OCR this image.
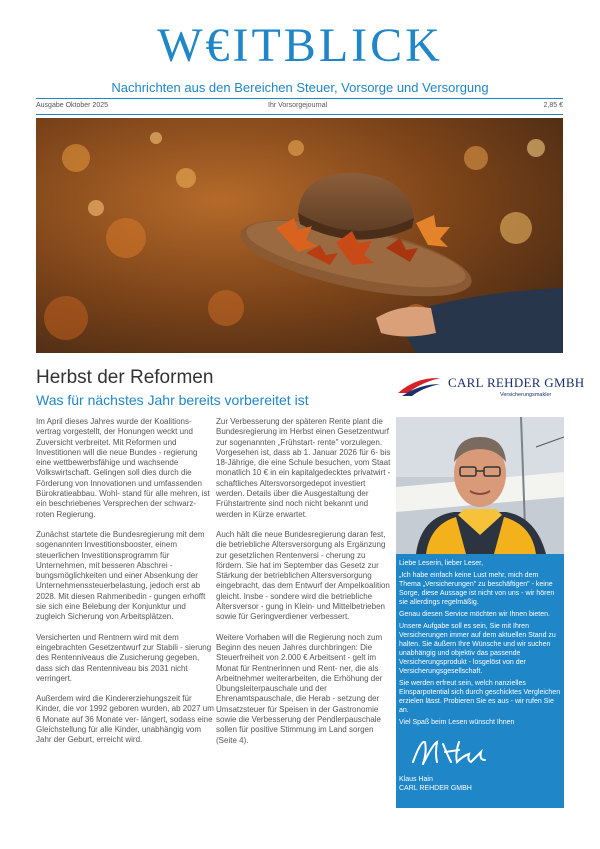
W€ITBLICK
Nachrichten aus den Bereichen Steuer, Vorsorge und Versorgung
Ausgabe Oktober 2025	Ihr Vorsorgejournal	2,85 €
Herbst der Reformen
Was für nächstes Jahr bereits vorbereitet ist
CARL REHDER GMBH
Versicherungsmakler

Im April dieses Jahres wurde der Koalitions- vertrag vorgestellt, der Honungen weckt und Zuversicht verbreitet. Mit Reformen und Investitionen will die neue Bundes - regierung eine wettbewerbsfähige und wachsende Volkswirtschaft. Gelingen soll dies durch die Förderung von Innovationen und umfassenden Bürokratieabbau. Wohl- stand für alle mehren, ist ein beschriebenes Versprechen der schwarz-roten Regierung.

Zunächst startete die Bundesregierung mit dem sogenannten Investitionsbooster, einem steuerlichen Investitionsprogramm für Unternehmen, mit besseren Abschrei - bungsmöglichkeiten und einer Absenkung der Unternehmenssteuerbelastung, jedoch erst ab 2028. Mit diesen Rahmenbedin - gungen erhofft sie sich eine Belebung der Konjunktur und zugleich Sicherung von Arbeitsplätzen.

Versicherten und Rentnern wird mit dem eingebrachten Gesetzentwurf zur Stabili - sierung des Rentenniveaus die Zusicherung gegeben, dass sich das Rentenniveau bis 2031 nicht verringert.

Außerdem wird die Kindererziehungszeit für Kinder, die vor 1992 geboren wurden, ab 2027 um 6 Monate auf 36 Monate ver- längert, sodass eine Gleichstellung für alle Kinder, unabhängig vom Jahr der Geburt, erreicht wird.

Zur Verbesserung der späteren Rente plant die Bundesregierung im Herbst einen Gesetzentwurf zur sogenannten „Frühstart- rente" vorzulegen. Vorgesehen ist, dass ab 1. Januar 2026 für 6- bis 18-Jährige, die eine Schule besuchen, vom Staat monatlich 10 € in ein kapitalgedecktes privatwirt - schaftliches Altersvorsorgedepot investiert werden. Details über die Ausgestaltung der Frühstartrente sind noch nicht bekannt und werden in Kürze erwartet.

Auch hält die neue Bundesregierung daran fest, die betriebliche Altersversorgung als Ergänzung zur gesetzlichen Rentenversi - cherung zu fördern. Sie hat im September das Gesetz zur Stärkung der betrieblichen Altersversorgung eingebracht, das dem Entwurf der Ampelkoalition gleicht. Insbe - sondere wird die betriebliche Altersversor - gung in Klein- und Mittelbetrieben sowie für Geringverdiener verbessert.

Weitere Vorhaben will die Regierung noch zum Beginn des neuen Jahres durchbringen: Die Steuerfreiheit von 2.000 € Arbeitsent - gelt im Monat für Rentnerinnen und Rent- ner, die als Arbeitnehmer weiterarbeiten, die Erhöhung der Übungsleiterpauschale und der Ehrenamtspauschale, die Herab - setzung der Umsatzsteuer für Speisen in der Gastronomie sowie die Verbesserung der Pendlerpauschale sollen für positive Stimmung im Land sorgen (Seite 4).

Liebe Leserin, lieber Leser,

„Ich habe einfach keine Lust mehr, mich dem Thema „Versicherungen" zu beschäftigen" - keine Sorge, diese Aussage ist nicht von uns - wir hören sie allerdings regelmäßig.

Genau diesen Service möchten wir Ihnen bieten.

Unsere Aufgabe soll es sein, Sie mit Ihren Versicherungen immer auf dem aktuellen Stand zu halten. Sie äußern Ihre Wünsche und wir suchen unabhängig und objektiv das passende Versicherungsprodukt - losgelöst von der Versicherungsgesellschaft.

Sie werden erfreut sein, welch nanzielles Einsparpotential sich durch geschicktes Vergleichen erzielen lässt. Probieren Sie es aus - wir rufen Sie an.

Viel Spaß beim Lesen wünscht Ihnen

Klaus Hain

CARL REHDER GMBH
